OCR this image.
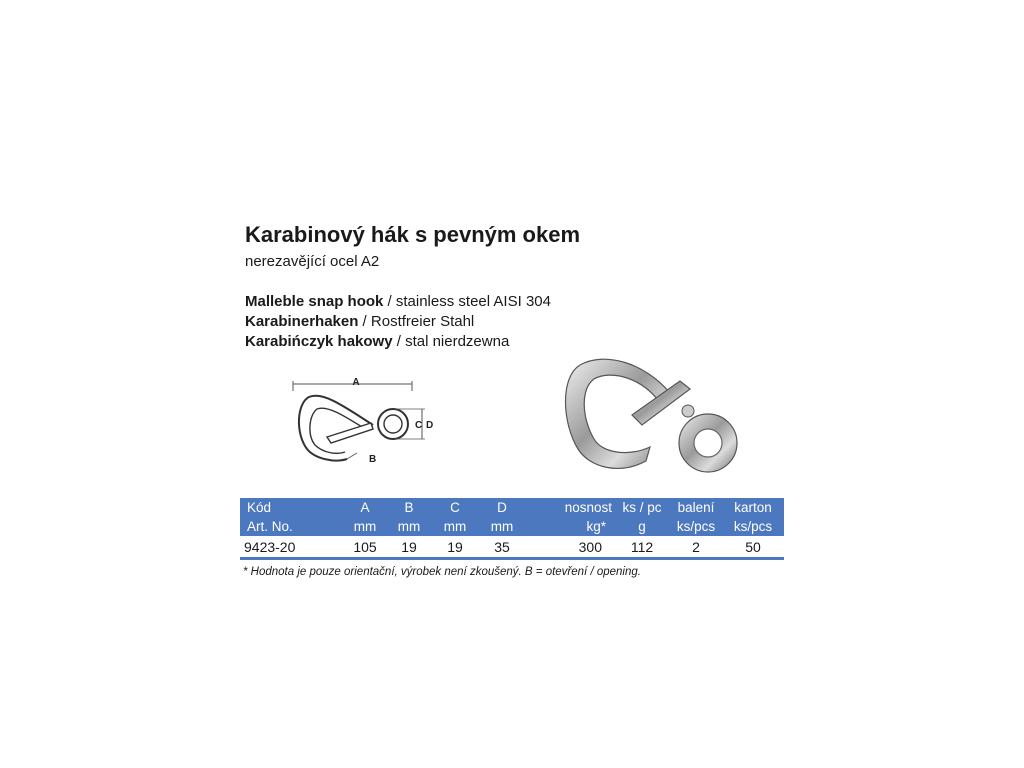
Karabinový hák s pevným okem
nerezavějící ocel A2
Malleble snap hook / stainless steel AISI 304
Karabinerhaken / Rostfreier Stahl
Karabińczyk hakowy / stal nierdzewna
A
C D
B
Kód	A	B	C	D	nosnost	ks / pc	balení	karton
Art. No.	mm	mm	mm	mm	kg*	g	ks/pcs	ks/pcs
9423-20	105	19	19	35	300	112	2	50
* Hodnota je pouze orientační, výrobek není zkoušený. B = otevření / opening.
